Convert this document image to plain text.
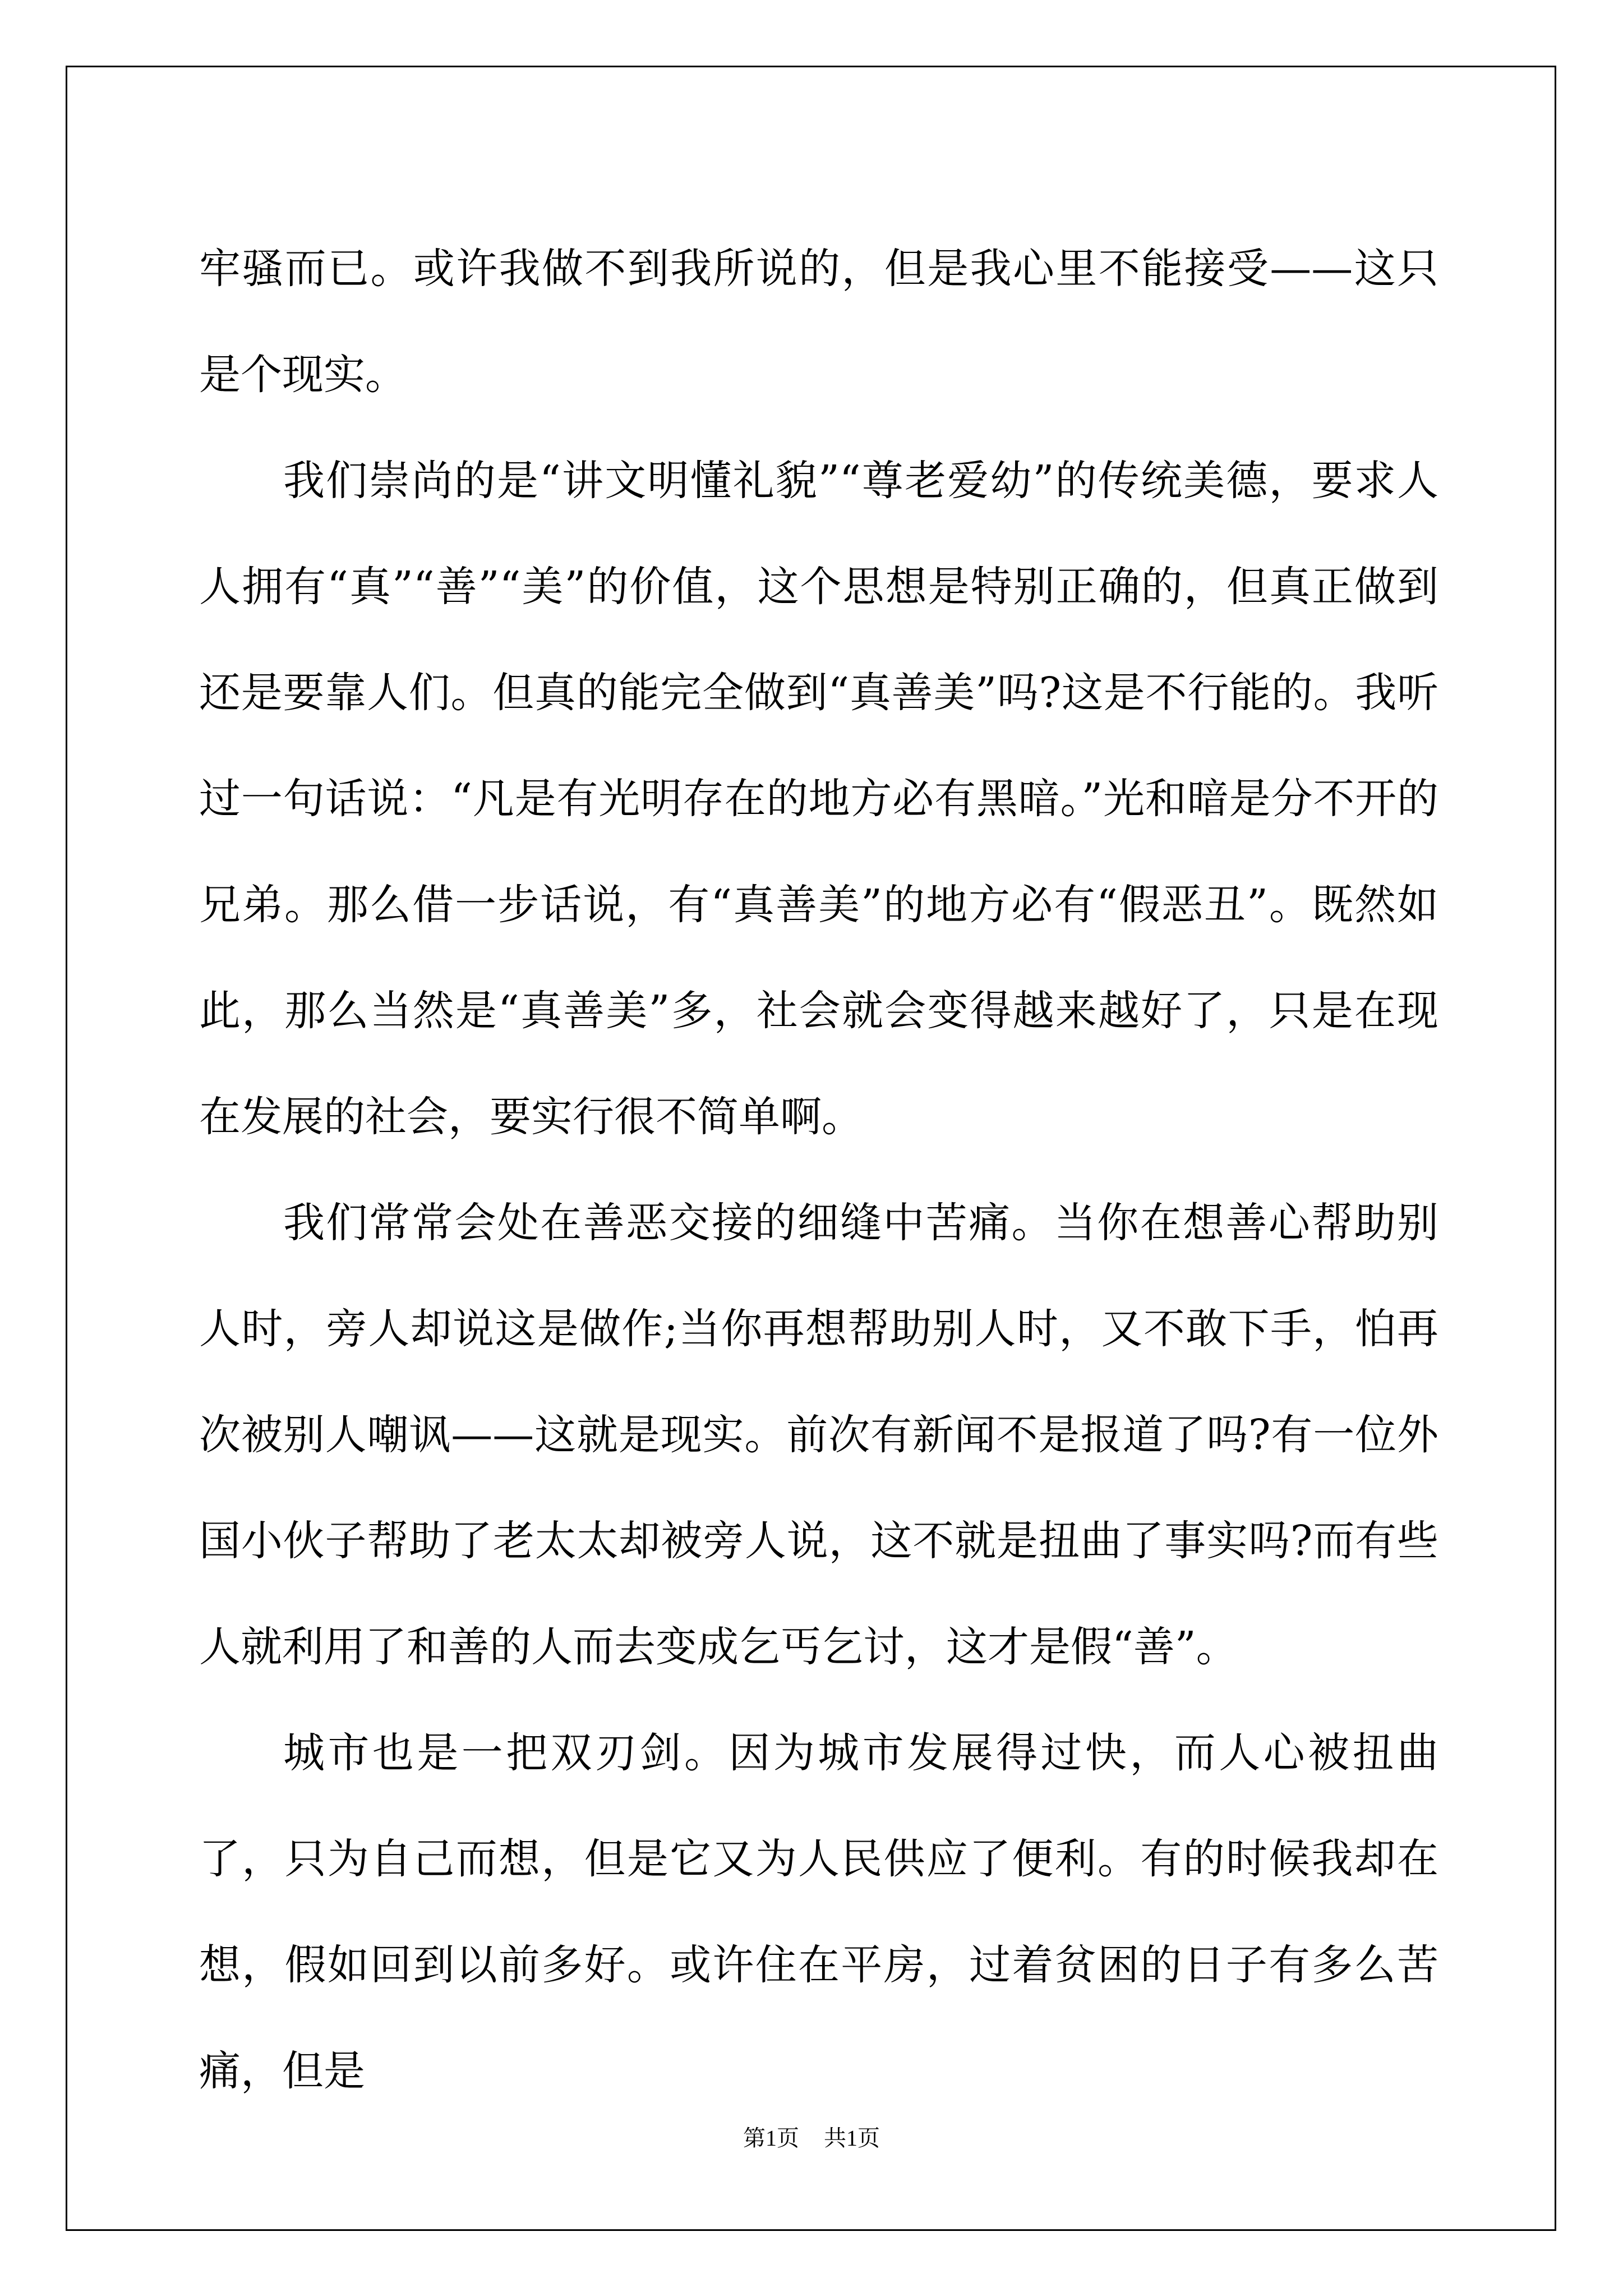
牢骚而已。或许我做不到我所说的，但是我心里不能接受——这只是个现实。

我们崇尚的是“讲文明懂礼貌”“尊老爱幼”的传统美德，要求人人拥有“真”“善”“美”的价值，这个思想是特别正确的，但真正做到还是要靠人们。但真的能完全做到“真善美”吗?这是不行能的。我听过一句话说：“凡是有光明存在的地方必有黑暗。”光和暗是分不开的兄弟。那么借一步话说，有“真善美”的地方必有“假恶丑”。既然如此，那么当然是“真善美”多，社会就会变得越来越好了，只是在现在发展的社会，要实行很不简单啊。

我们常常会处在善恶交接的细缝中苦痛。当你在想善心帮助别人时，旁人却说这是做作;当你再想帮助别人时，又不敢下手，怕再次被别人嘲讽——这就是现实。前次有新闻不是报道了吗?有一位外国小伙子帮助了老太太却被旁人说，这不就是扭曲了事实吗?而有些人就利用了和善的人而去变成乞丐乞讨，这才是假“善”。

城市也是一把双刃剑。因为城市发展得过快，而人心被扭曲了，只为自己而想，但是它又为人民供应了便利。有的时候我却在想，假如回到以前多好。或许住在平房，过着贫困的日子有多么苦痛，但是

第1页 共1页
